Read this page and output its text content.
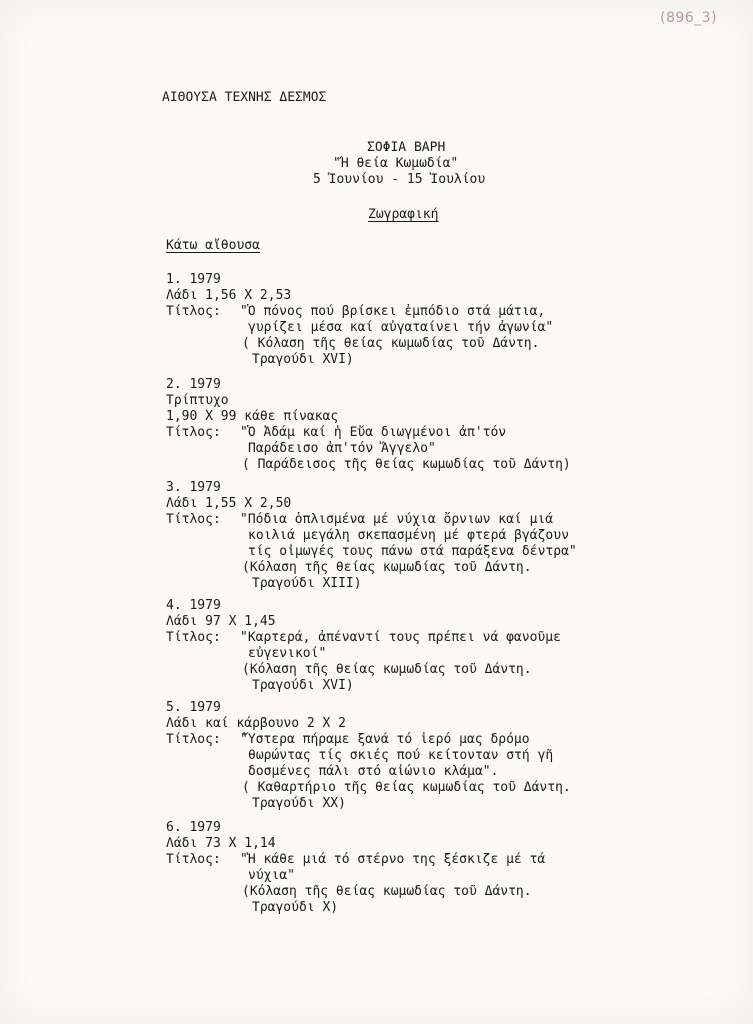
(896_3)
ΑΙΘΟΥΣΑ ΤΕΧΝΗΣ ΔΕΣΜΟΣ
ΣΟΦΙΑ ΒΑΡΗ
"Ή θεία Κωμωδία"
5 Ἰουνίου - 15 Ἰουλίου
Ζωγραφική
Κάτω αἴθουσα
1. 1979
Λάδι 1,56 X 2,53
Τίτλος: "Ὁ πόνος πού βρίσκει ἐμπόδιο στά μάτια,
γυρίζει μέσα καί αὐγαταίνει τήν ἀγωνία"
( Κόλαση τῆς θείας κωμωδίας τοῦ Δάντη.
Τραγούδι XVI)
2. 1979
Τρίπτυχο
1,90 X 99 κάθε πίνακας
Τίτλος: "Ὁ Ἀδάμ καί ἡ Εὔα διωγμένοι ἀπ'τόν
Παράδεισο ἀπ'τόν Ἄγγελο"
( Παράδεισος τῆς θείας κωμωδίας τοῦ Δάντη)
3. 1979
Λάδι 1,55 X 2,50
Τίτλος: "Πόδια ὁπλισμένα μέ νύχια ὄρνιων καί μιά
κοιλιά μεγάλη σκεπασμένη μέ φτερά βγάζουν
τίς οἰμωγές τους πάνω στά παράξενα δέντρα"
(Κόλαση τῆς θείας κωμωδίας τοῦ Δάντη.
Τραγούδι XIII)
4. 1979
Λάδι 97 X 1,45
Τίτλος: "Καρτερά, ἀπέναντί τους πρέπει νά φανοῦμε
εὐγενικοί"
(Κόλαση τῆς θείας κωμωδίας τοῦ Δάντη.
Τραγούδι XVI)
5. 1979
Λάδι καί κάρβουνο 2 X 2
Τίτλος: "Ὕστερα πήραμε ξανά τό ἱερό μας δρόμο
θωρώντας τίς σκιές πού κείτονταν στή γῆ
δοσμένες πάλι στό αἰώνιο κλάμα".
( Καθαρτήριο τῆς θείας κωμωδίας τοῦ Δάντη.
Τραγούδι XX)
6. 1979
Λάδι 73 X 1,14
Τίτλος: "Ἡ κάθε μιά τό στέρνο της ξέσκιζε μέ τά
νύχια"
(Κόλαση τῆς θείας κωμωδίας τοῦ Δάντη.
Τραγούδι X)
